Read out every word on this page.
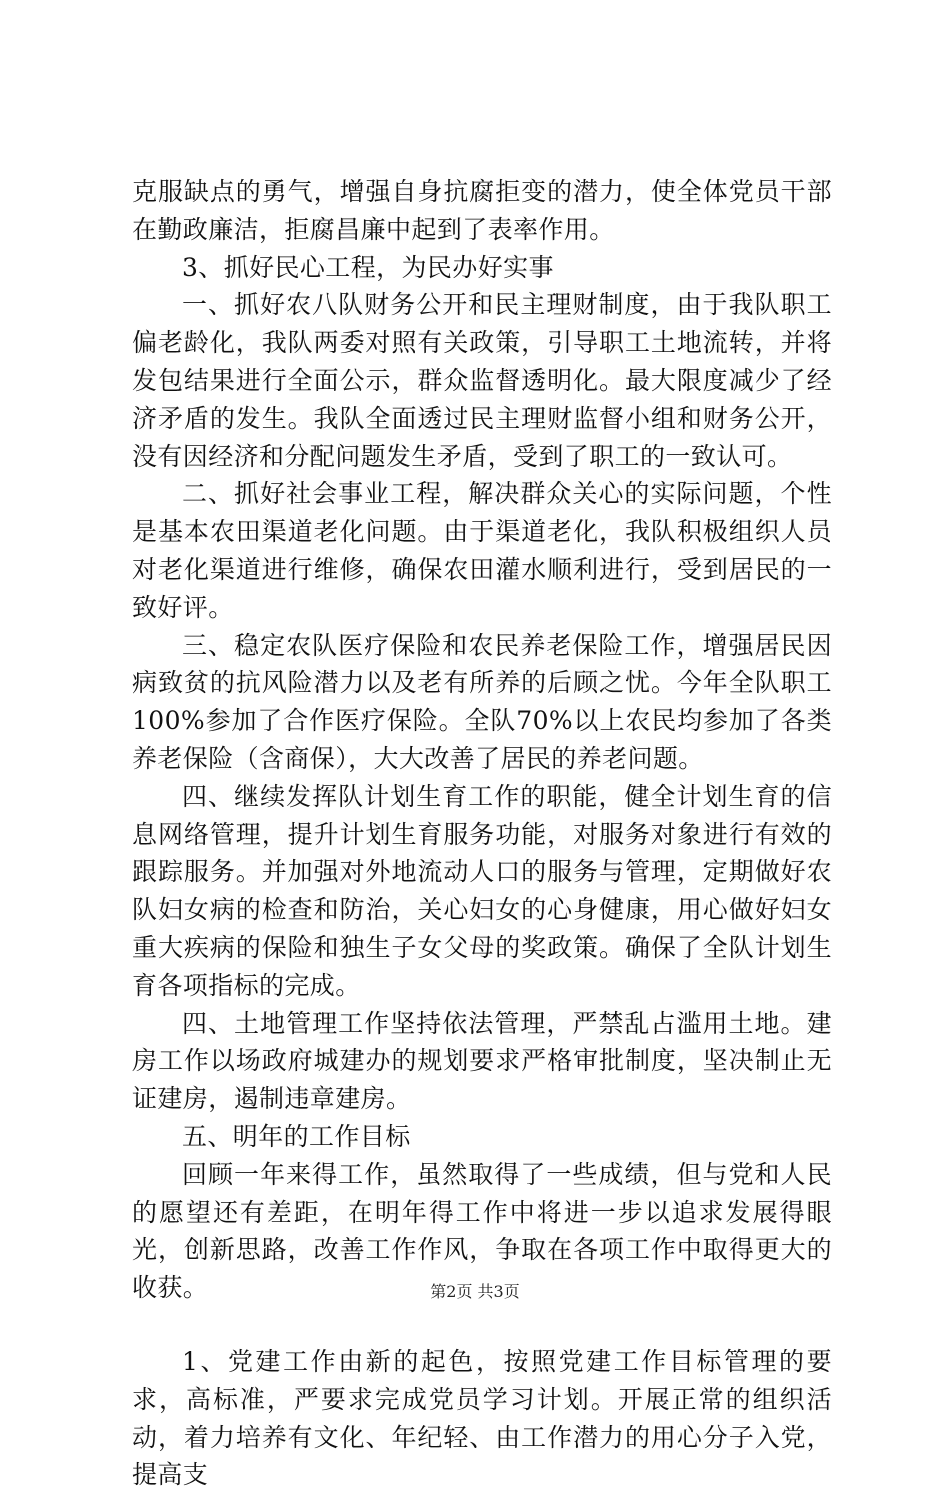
克服缺点的勇气，增强自身抗腐拒变的潜力，使全体党员干部在勤政廉洁，拒腐昌廉中起到了表率作用。

3、抓好民心工程，为民办好实事

一、抓好农八队财务公开和民主理财制度，由于我队职工偏老龄化，我队两委对照有关政策，引导职工土地流转，并将发包结果进行全面公示，群众监督透明化。最大限度减少了经济矛盾的发生。我队全面透过民主理财监督小组和财务公开，没有因经济和分配问题发生矛盾，受到了职工的一致认可。

二、抓好社会事业工程，解决群众关心的实际问题，个性是基本农田渠道老化问题。由于渠道老化，我队积极组织人员对老化渠道进行维修，确保农田灌水顺利进行，受到居民的一致好评。

三、稳定农队医疗保险和农民养老保险工作，增强居民因病致贫的抗风险潜力以及老有所养的后顾之忧。今年全队职工100%参加了合作医疗保险。全队70%以上农民均参加了各类养老保险（含商保），大大改善了居民的养老问题。

四、继续发挥队计划生育工作的职能，健全计划生育的信息网络管理，提升计划生育服务功能，对服务对象进行有效的跟踪服务。并加强对外地流动人口的服务与管理，定期做好农队妇女病的检查和防治，关心妇女的心身健康，用心做好妇女重大疾病的保险和独生子女父母的奖政策。确保了全队计划生育各项指标的完成。

四、土地管理工作坚持依法管理，严禁乱占滥用土地。建房工作以场政府城建办的规划要求严格审批制度，坚决制止无证建房，遏制违章建房。

五、明年的工作目标

回顾一年来得工作，虽然取得了一些成绩，但与党和人民的愿望还有差距，在明年得工作中将进一步以追求发展得眼光，创新思路，改善工作作风，争取在各项工作中取得更大的收获。

1、党建工作由新的起色，按照党建工作目标管理的要求，高标准，严要求完成党员学习计划。开展正常的组织活动，着力培养有文化、年纪轻、由工作潜力的用心分子入党，提高支

第2页 共3页
